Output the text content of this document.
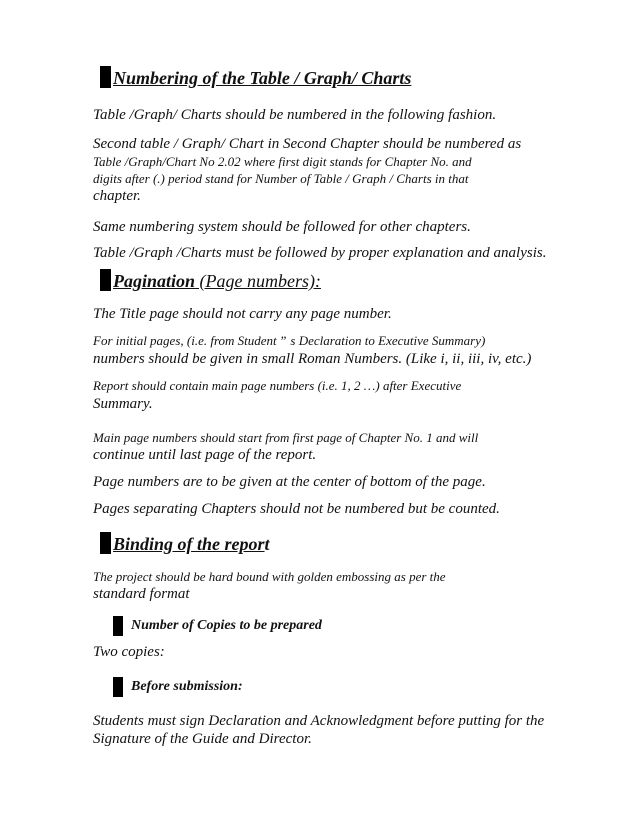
Numbering of the Table / Graph/ Charts
Table /Graph/ Charts should be numbered in the following fashion.
Second table / Graph/ Chart in Second Chapter should be numbered as
Table /Graph/Chart No 2.02 where first digit stands for Chapter No. and
digits after (.) period stand for Number of Table / Graph / Charts in that
chapter.
Same numbering system should be followed for other chapters.
Table /Graph /Charts must be followed by proper explanation and analysis.
Pagination (Page numbers):
The Title page should not carry any page number.
For initial pages, (i.e. from Student ˮ s Declaration to Executive Summary)
numbers should be given in small Roman Numbers. (Like i, ii, iii, iv, etc.)
Report should contain main page numbers (i.e. 1, 2 …) after Executive
Summary.
Main page numbers should start from first page of Chapter No. 1 and will
continue until last page of the report.
Page numbers are to be given at the center of bottom of the page.
Pages separating Chapters should not be numbered but be counted.
Binding of the report
The project should be hard bound with golden embossing as per the
standard format
Number of Copies to be prepared
Two copies:
Before submission:
Students must sign Declaration and Acknowledgment before putting for the
Signature of the Guide and Director.
